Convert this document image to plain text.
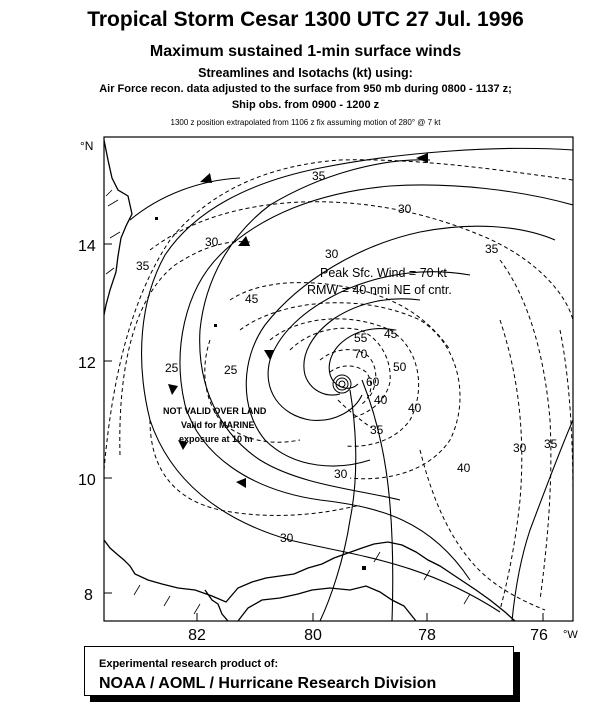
Tropical Storm Cesar 1300 UTC 27 Jul. 1996
Maximum sustained 1-min surface winds
Streamlines and Isotachs (kt) using:
Air Force recon. data adjusted to the surface from 950 mb during 0800 - 1137 z;
Ship obs. from 0900 - 1200 z
1300 z position extrapolated from 1106 z fix assuming motion of 280° @ 7 kt
°N
14
12
10
8
82	80	78	76 °W
Peak Sfc. Wind = 70 kt
RMW = 40 nmi NE of cntr.
NOT VALID OVER LAND
Valid for MARINE
exposure at 10 m
35
30
30	35
30
35
45
45
55
70
50
60
40
25
35
40
30
25
30
40
35
30
Experimental research product of:
NOAA / AOML / Hurricane Research Division
